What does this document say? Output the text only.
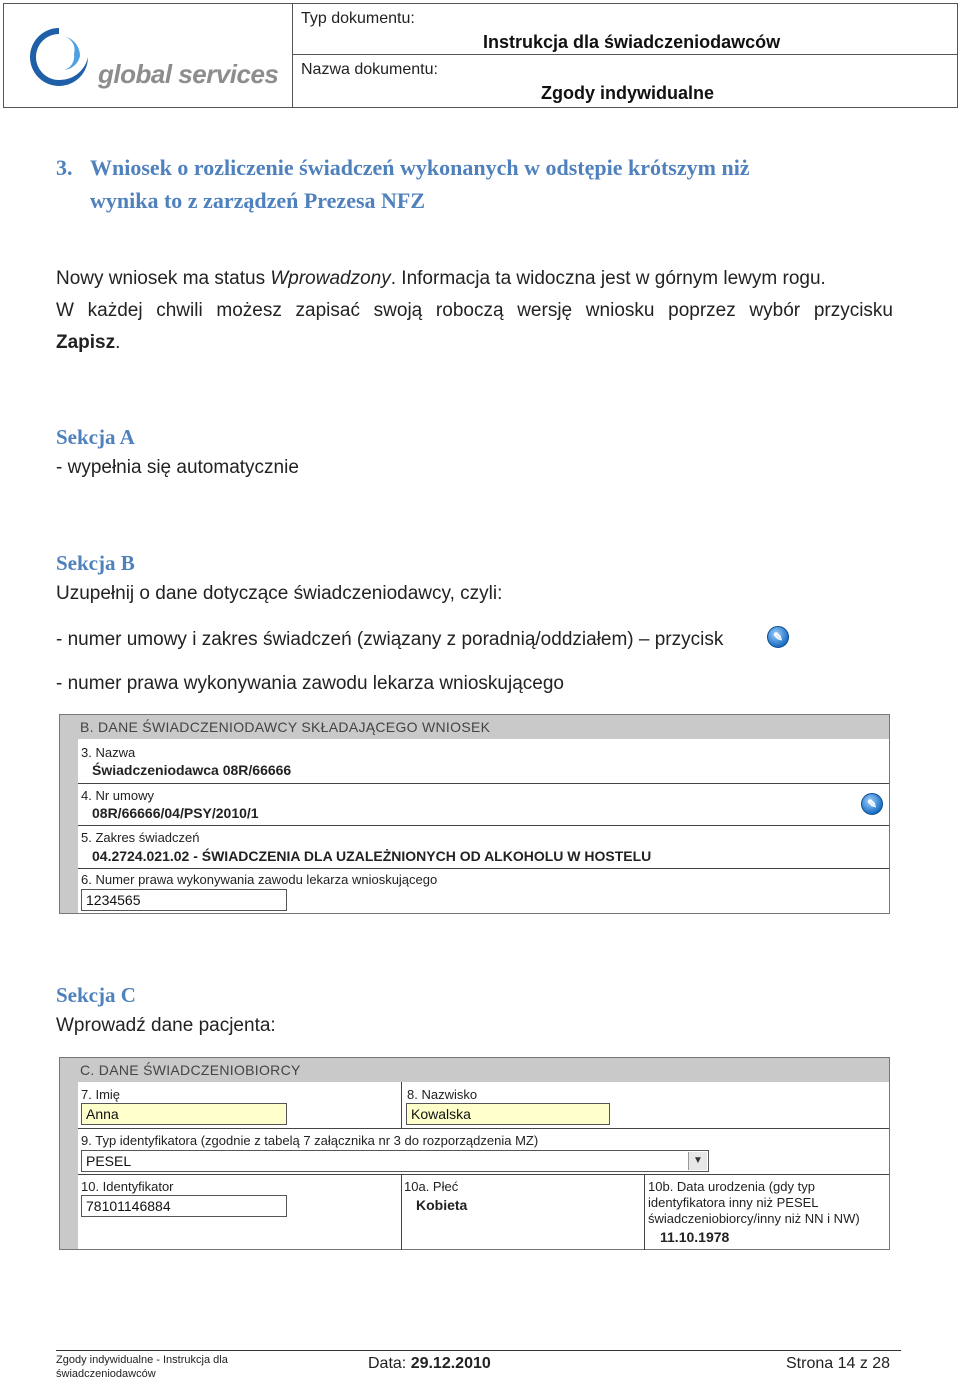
global services
Typ dokumentu:
Instrukcja dla świadczeniodawców
Nazwa dokumentu:
Zgody indywidualne
3. Wniosek o rozliczenie świadczeń wykonanych w odstępie krótszym niż
wynika to z zarządzeń Prezesa NFZ
Nowy wniosek ma status Wprowadzony. Informacja ta widoczna jest w górnym lewym rogu.
W każdej chwili możesz zapisać swoją roboczą wersję wniosku poprzez wybór przycisku
Zapisz.
Sekcja A
- wypełnia się automatycznie
Sekcja B
Uzupełnij o dane dotyczące świadczeniodawcy, czyli:
- numer umowy i zakres świadczeń (związany z poradnią/oddziałem) – przycisk	✎
- numer prawa wykonywania zawodu lekarza wnioskującego
B. DANE ŚWIADCZENIODAWCY SKŁADAJĄCEGO WNIOSEK
3. Nazwa
Świadczeniodawca 08R/66666
4. Nr umowy
08R/66666/04/PSY/2010/1
✎
5. Zakres świadczeń
04.2724.021.02 - ŚWIADCZENIA DLA UZALEŻNIONYCH OD ALKOHOLU W HOSTELU
6. Numer prawa wykonywania zawodu lekarza wnioskującego
1234565
Sekcja C
Wprowadź dane pacjenta:
C. DANE ŚWIADCZENIOBIORCY
7. Imię
Anna
8. Nazwisko
Kowalska
9. Typ identyfikatora (zgodnie z tabelą 7 załącznika nr 3 do rozporządzenia MZ)
PESEL	▼
10. Identyfikator
78101146884
10a. Płeć
Kobieta
10b. Data urodzenia (gdy typ
identyfikatora inny niż PESEL
świadczeniobiorcy/inny niż NN i NW)
11.10.1978
Zgody indywidualne - Instrukcja dla
świadczeniodawców
Data: 29.12.2010	Strona 14 z 28
